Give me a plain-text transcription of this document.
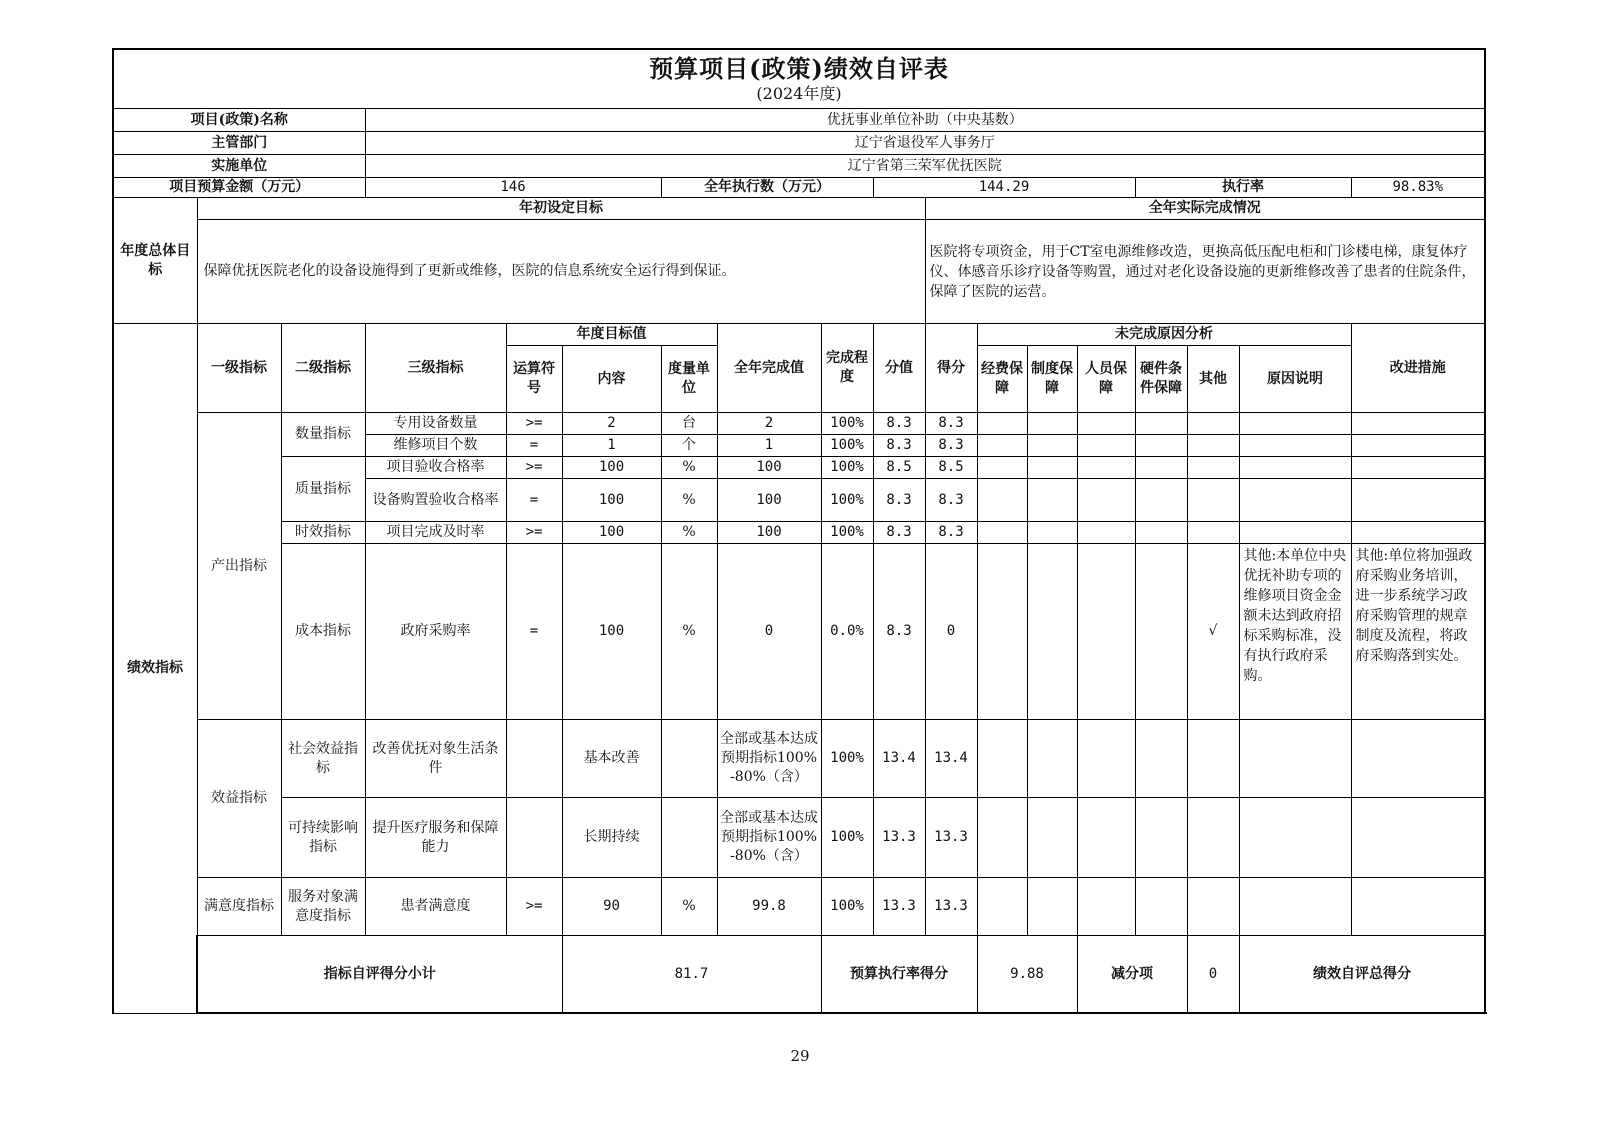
预算项目(政策)绩效自评表
(2024年度)																		

项目(政策)名称			优抚事业单位补助（中央基数）															
主管部门			辽宁省退役军人事务厅															
实施单位			辽宁省第三荣军优抚医院															
项目预算金额（万元）			146			全年执行数（万元）			144.29					执行率			98.83%	
年度总体目标	年初设定目标									全年实际完成情况								
	保障优抚医院老化的设备设施得到了更新或维修，医院的信息系统安全运行得到保证。									医院将专项资金，用于CT室电源维修改造，更换高低压配电柜和门诊楼电梯，康复体疗仪、体感音乐诊疗设备等购置，通过对老化设备设施的更新维修改善了患者的住院条件，保障了医院的运营。								
绩效指标	一级指标	二级指标	三级指标	年度目标值			全年完成值	完成程度	分值	得分	未完成原因分析						改进措施	
				运算符号	内容	度量单位					经费保障	制度保障	人员保障	硬件条件保障	其他	原因说明		
	产出指标	数量指标	专用设备数量	>=	2	台	2	100%	8.3	8.3								
			维修项目个数	=	1	个	1	100%	8.3	8.3								
		质量指标	项目验收合格率	>=	100	%	100	100%	8.5	8.5								
			设备购置验收合格率	=	100	%	100	100%	8.3	8.3								
		时效指标	项目完成及时率	>=	100	%	100	100%	8.3	8.3								
		成本指标	政府采购率	=	100	%	0	0.0%	8.3	0					√	其他:本单位中央优抚补助专项的维修项目资金金额未达到政府招标采购标准，没有执行政府采购。	其他:单位将加强政府采购业务培训，进一步系统学习政府采购管理的规章制度及流程，将政府采购落到实处。	
	效益指标	社会效益指标	改善优抚对象生活条件		基本改善		全部或基本达成预期指标100%-80%（含）	100%	13.4	13.4								
		可持续影响指标	提升医疗服务和保障能力		长期持续		全部或基本达成预期指标100%-80%（含）	100%	13.3	13.3								
	满意度指标	服务对象满意度指标	患者满意度	>=	90	%	99.8	100%	13.3	13.3								
	指标自评得分小计				81.7			预算执行率得分			9.88		减分项		0	绩效自评总得分	
29
